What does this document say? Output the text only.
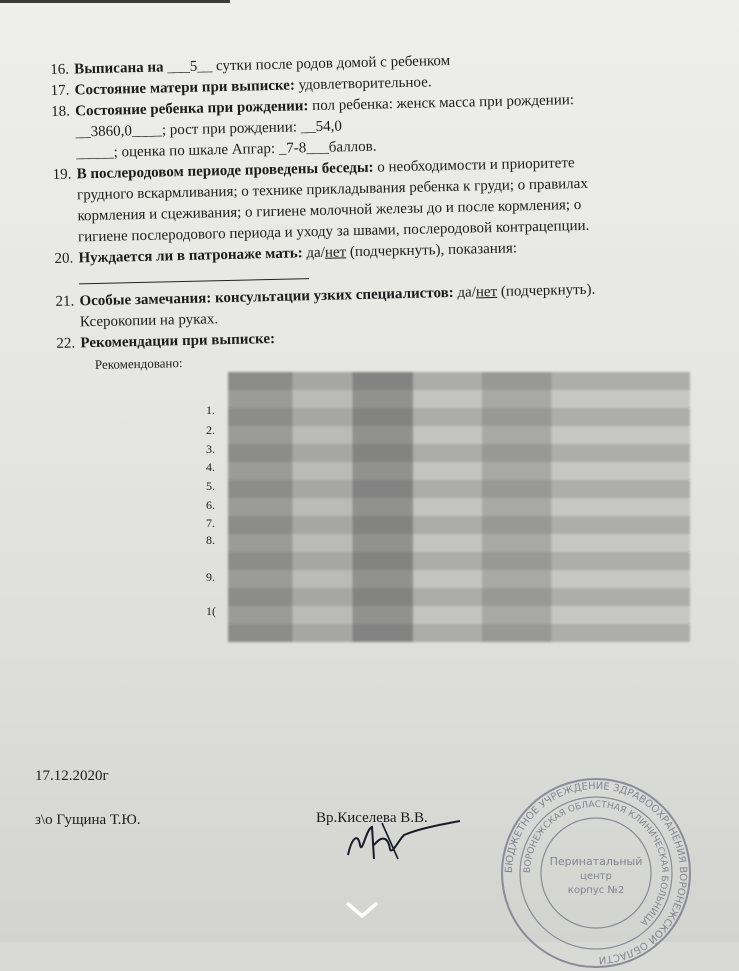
16. Выписана на ___5__ сутки после родов домой с ребенком
17. Состояние матери при выписке: удовлетворительное.
18. Состояние ребенка при рождении: пол ребенка: женск масса при рождении:
__3860,0____; рост при рождении: __54,0
_____; оценка по шкале Апгар: _7-8___баллов.
19. В послеродовом периоде проведены беседы: о необходимости и приоритете
грудного вскармливания; о технике прикладывания ребенка к груди; о правилах
кормления и сцеживания; о гигиене молочной железы до и после кормления; о
гигиене послеродового периода и уходу за швами, послеродовой контрацепции.
20. Нуждается ли в патронаже мать: да/нет (подчеркнуть), показания:
21. Особые замечания: консультации узких специалистов: да/нет (подчеркнуть).
Ксерокопии на руках.
22. Рекомендации при выписке:
Рекомендовано:
1.
2.
3.
4.
5.
6.
7.
8.
9.
1(
17.12.2020г
з\о Гущина Т.Ю.	Вр.Киселева В.В.
БЮДЖЕТНОЕ УЧРЕЖДЕНИЕ ЗДРАВООХРАНЕНИЯ ВОРОНЕЖСКОЙ ОБЛАСТИ
ВОРОНЕЖСКАЯ ОБЛАСТНАЯ КЛИНИЧЕСКАЯ БОЛЬНИЦА
Перинатальный
центр
корпус №2
